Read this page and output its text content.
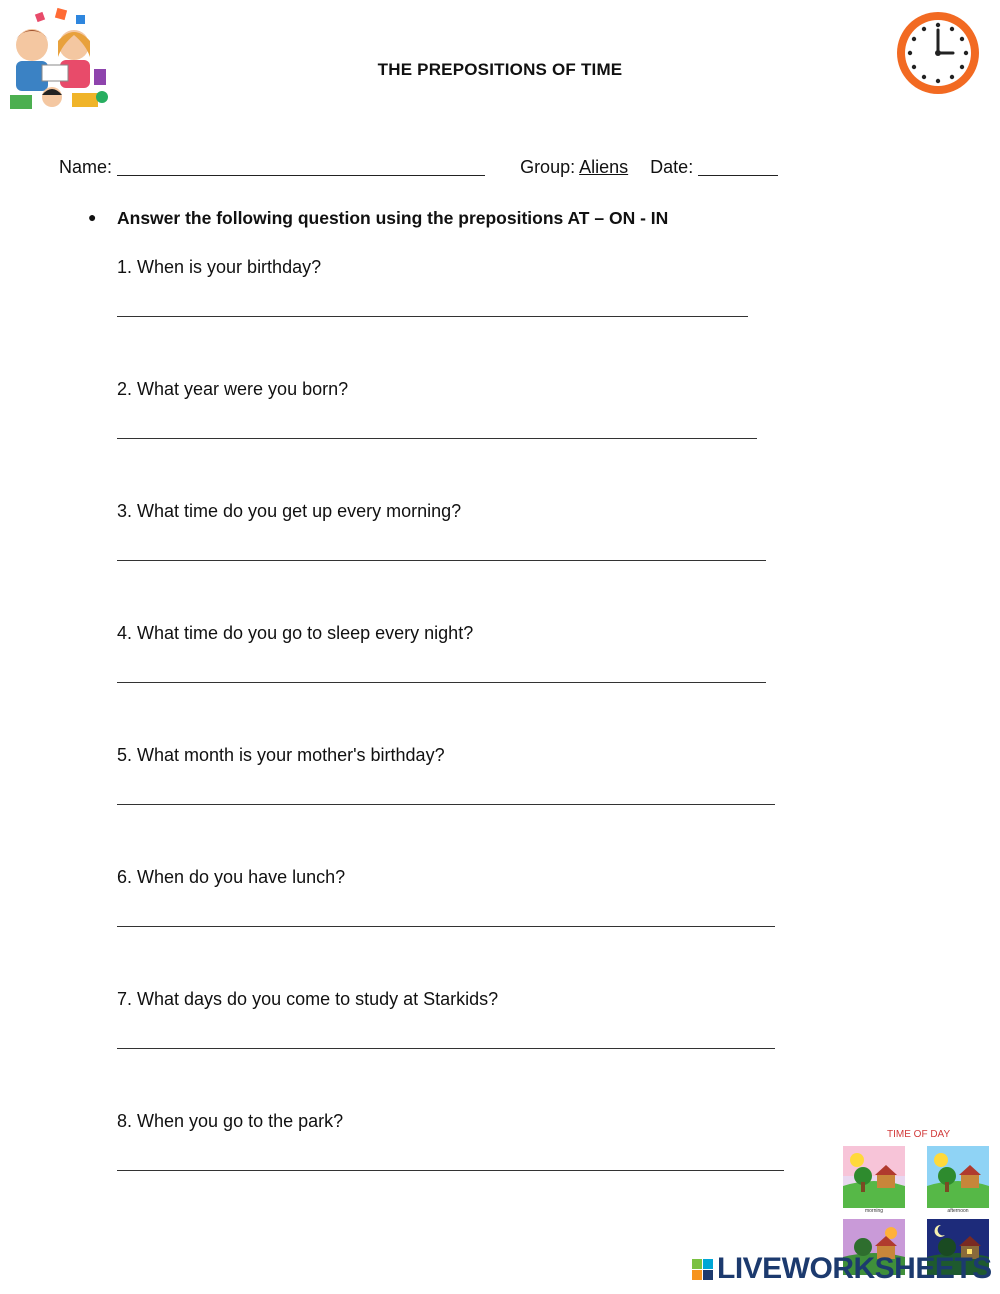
THE PREPOSITIONS OF TIME
Name:	Group: Aliens Date:
● Answer the following question using the prepositions AT – ON - IN
1. When is your birthday?
2. What year were you born?
3. What time do you get up every morning?
4. What time do you go to sleep every night?
5. What month is your mother's birthday?
6. When do you have lunch?
7. What days do you come to study at Starkids?
8. When you go to the park?
TIME OF DAY
morning	afternoon
LIVEWORKSHEETS
